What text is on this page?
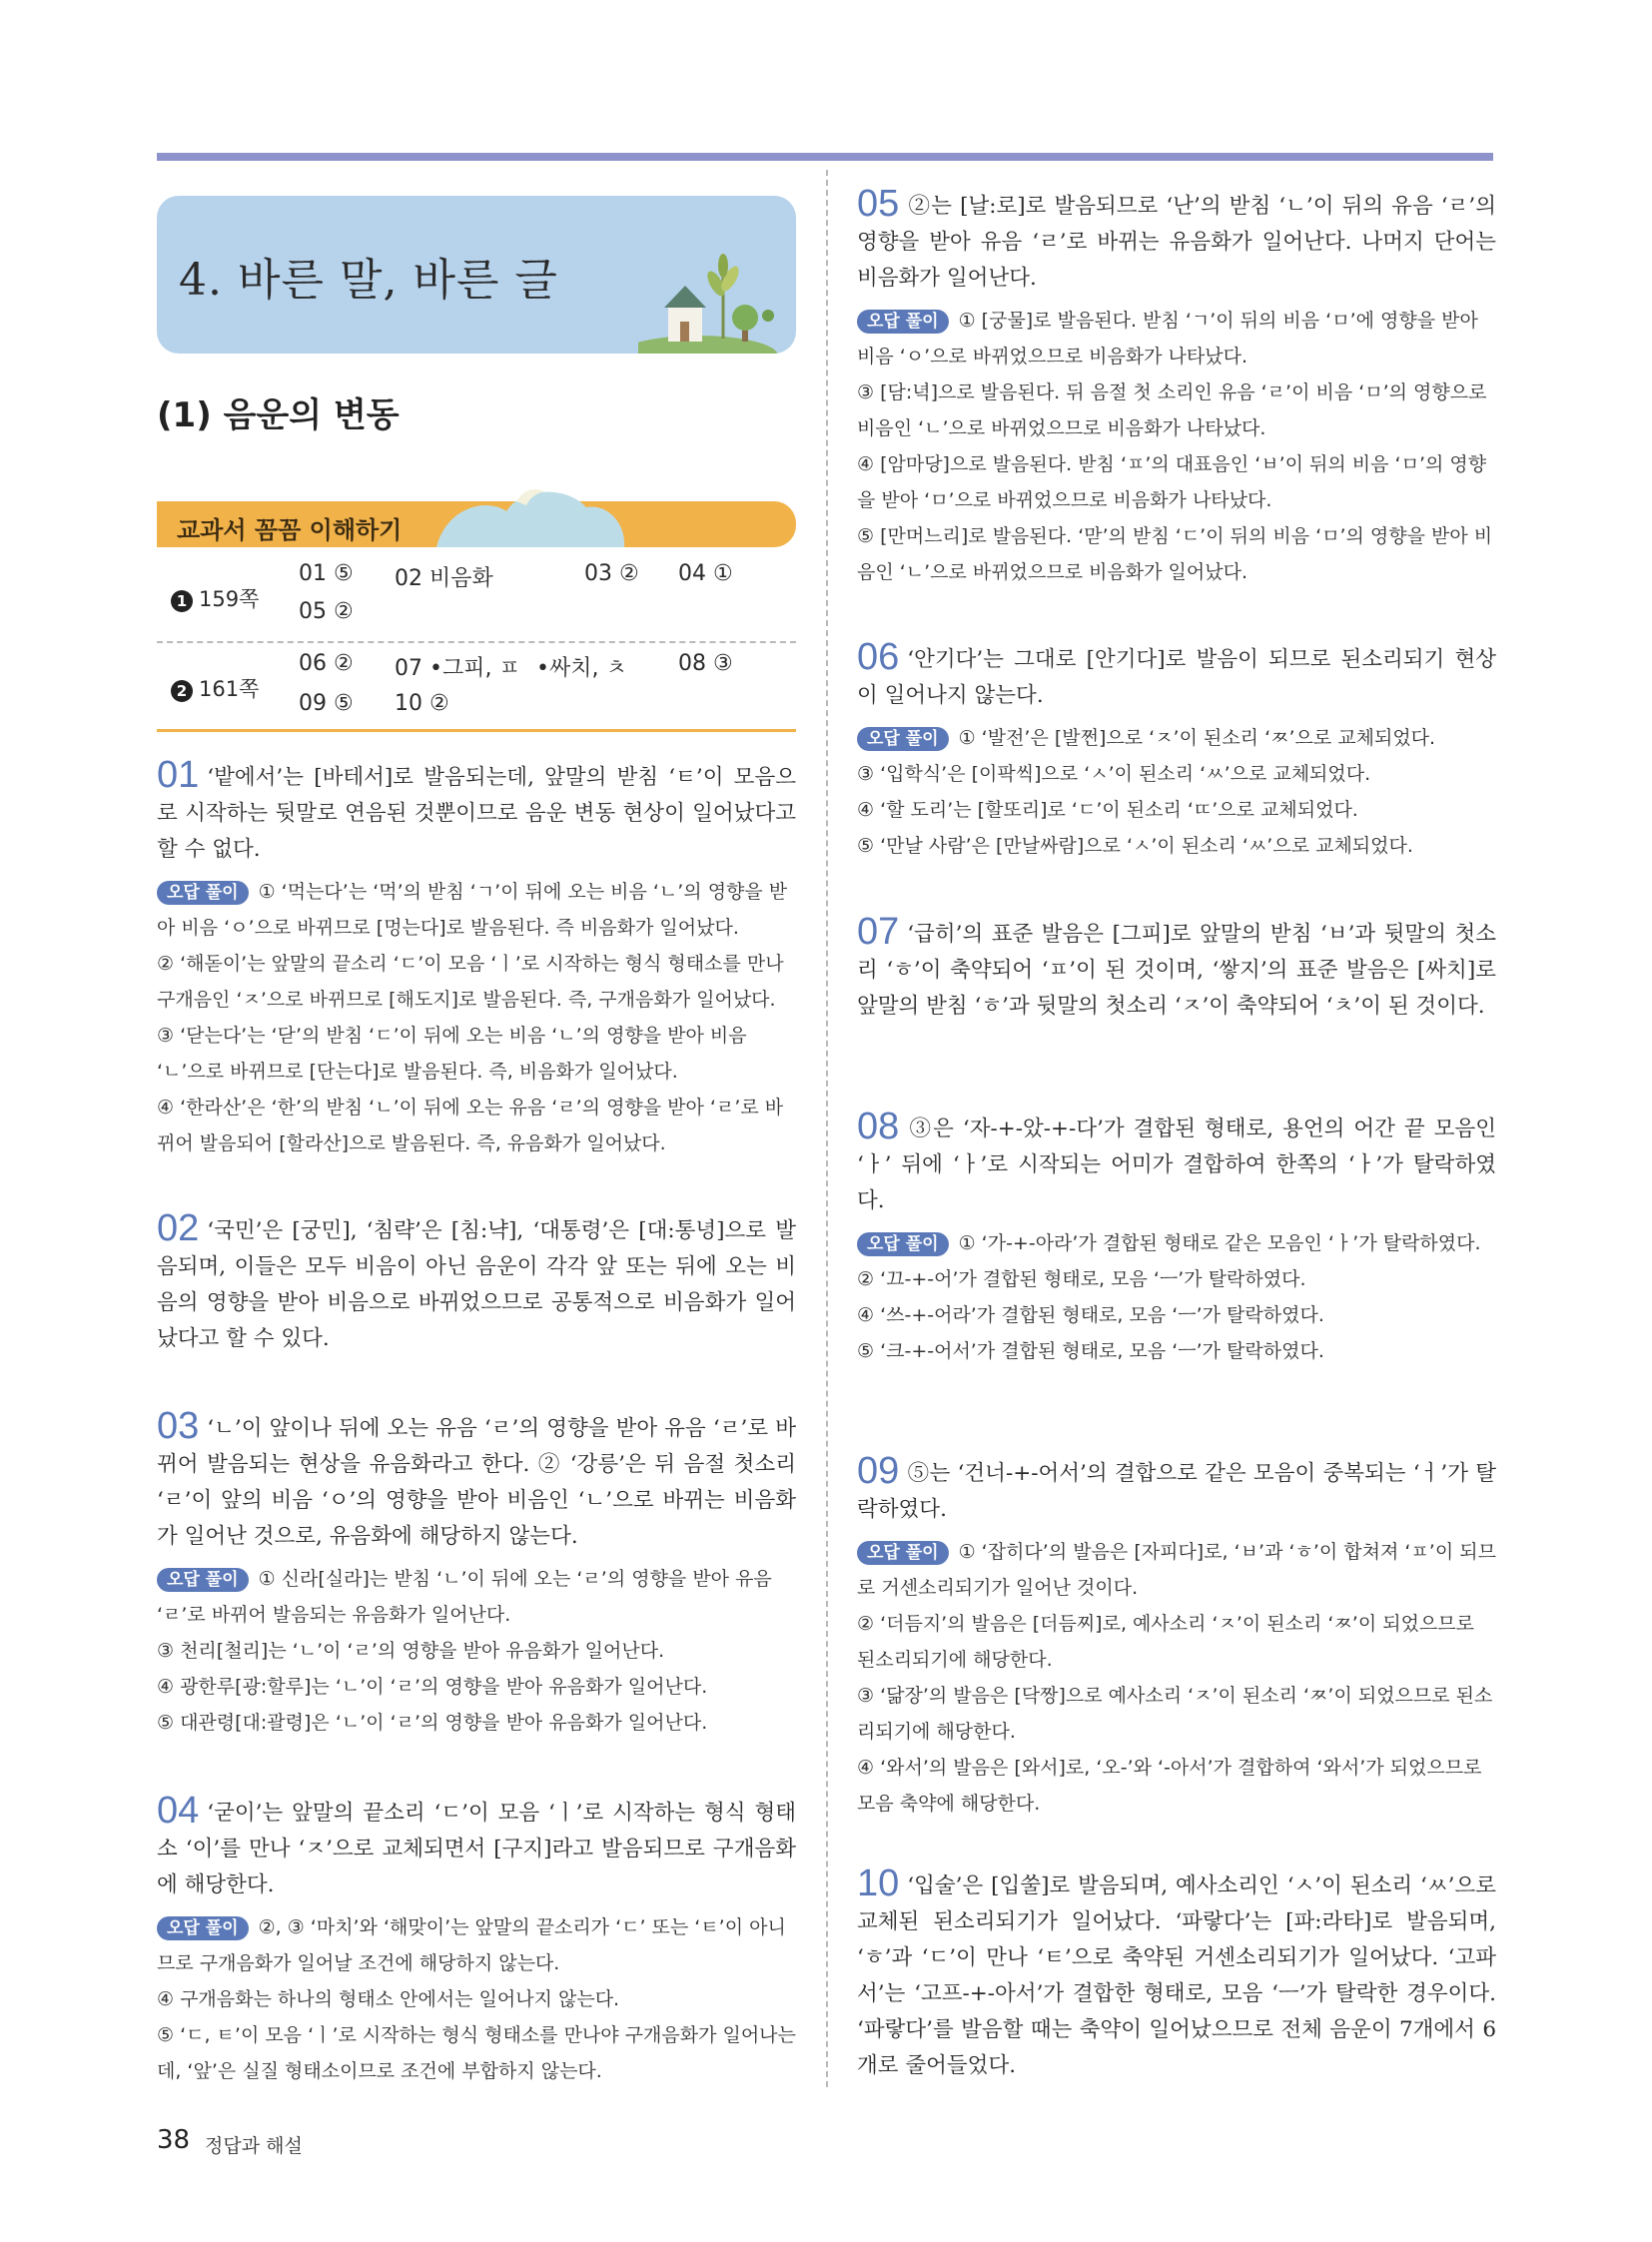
4. 바른 말, 바른 글
(1) 음운의 변동
교과서 꼼꼼 이해하기
1 159쪽
01 ⑤ 02 비음화	03 ② 04 ①
05 ②
2 161쪽
06 ② 07 •그피, ㅍ •싸치, ㅊ 08 ③
09 ⑤ 10 ②

01 ‘밭에서’는 [바테서]로 발음되는데, 앞말의 받침 ‘ㅌ’이 모음으로 시작하는 뒷말로 연음된 것뿐이므로 음운 변동 현상이 일어났다고 할 수 없다.

오답 풀이 ① ‘먹는다’는 ‘먹’의 받침 ‘ㄱ’이 뒤에 오는 비음 ‘ㄴ’의 영향을 받아 비음 ‘ㅇ’으로 바뀌므로 [멍는다]로 발음된다. 즉 비음화가 일어났다.
② ‘해돋이’는 앞말의 끝소리 ‘ㄷ’이 모음 ‘ㅣ’로 시작하는 형식 형태소를 만나 구개음인 ‘ㅈ’으로 바뀌므로 [해도지]로 발음된다. 즉, 구개음화가 일어났다.
③ ‘닫는다’는 ‘닫’의 받침 ‘ㄷ’이 뒤에 오는 비음 ‘ㄴ’의 영향을 받아 비음 ‘ㄴ’으로 바뀌므로 [단는다]로 발음된다. 즉, 비음화가 일어났다.
④ ‘한라산’은 ‘한’의 받침 ‘ㄴ’이 뒤에 오는 유음 ‘ㄹ’의 영향을 받아 ‘ㄹ’로 바뀌어 발음되어 [할라산]으로 발음된다. 즉, 유음화가 일어났다.

02 ‘국민’은 [궁민], ‘침략’은 [침:냑], ‘대통령’은 [대:통녕]으로 발음되며, 이들은 모두 비음이 아닌 음운이 각각 앞 또는 뒤에 오는 비음의 영향을 받아 비음으로 바뀌었으므로 공통적으로 비음화가 일어났다고 할 수 있다.

03 ‘ㄴ’이 앞이나 뒤에 오는 유음 ‘ㄹ’의 영향을 받아 유음 ‘ㄹ’로 바뀌어 발음되는 현상을 유음화라고 한다. ② ‘강릉’은 뒤 음절 첫소리 ‘ㄹ’이 앞의 비음 ‘ㅇ’의 영향을 받아 비음인 ‘ㄴ’으로 바뀌는 비음화가 일어난 것으로, 유음화에 해당하지 않는다.

오답 풀이 ① 신라[실라]는 받침 ‘ㄴ’이 뒤에 오는 ‘ㄹ’의 영향을 받아 유음 ‘ㄹ’로 바뀌어 발음되는 유음화가 일어난다.
③ 천리[철리]는 ‘ㄴ’이 ‘ㄹ’의 영향을 받아 유음화가 일어난다.
④ 광한루[광:할루]는 ‘ㄴ’이 ‘ㄹ’의 영향을 받아 유음화가 일어난다.
⑤ 대관령[대:괄령]은 ‘ㄴ’이 ‘ㄹ’의 영향을 받아 유음화가 일어난다.

04 ‘굳이’는 앞말의 끝소리 ‘ㄷ’이 모음 ‘ㅣ’로 시작하는 형식 형태소 ‘이’를 만나 ‘ㅈ’으로 교체되면서 [구지]라고 발음되므로 구개음화에 해당한다.

오답 풀이 ②, ③ ‘마치’와 ‘해맞이’는 앞말의 끝소리가 ‘ㄷ’ 또는 ‘ㅌ’이 아니므로 구개음화가 일어날 조건에 해당하지 않는다.
④ 구개음화는 하나의 형태소 안에서는 일어나지 않는다.
⑤ ‘ㄷ, ㅌ’이 모음 ‘ㅣ’로 시작하는 형식 형태소를 만나야 구개음화가 일어나는데, ‘앞’은 실질 형태소이므로 조건에 부합하지 않는다.

05 ②는 [날:로]로 발음되므로 ‘난’의 받침 ‘ㄴ’이 뒤의 유음 ‘ㄹ’의 영향을 받아 유음 ‘ㄹ’로 바뀌는 유음화가 일어난다. 나머지 단어는 비음화가 일어난다.

오답 풀이 ① [궁물]로 발음된다. 받침 ‘ㄱ’이 뒤의 비음 ‘ㅁ’에 영향을 받아 비음 ‘ㅇ’으로 바뀌었으므로 비음화가 나타났다.
③ [담:녁]으로 발음된다. 뒤 음절 첫 소리인 유음 ‘ㄹ’이 비음 ‘ㅁ’의 영향으로 비음인 ‘ㄴ’으로 바뀌었으므로 비음화가 나타났다.
④ [암마당]으로 발음된다. 받침 ‘ㅍ’의 대표음인 ‘ㅂ’이 뒤의 비음 ‘ㅁ’의 영향을 받아 ‘ㅁ’으로 바뀌었으므로 비음화가 나타났다.
⑤ [만머느리]로 발음된다. ‘맏’의 받침 ‘ㄷ’이 뒤의 비음 ‘ㅁ’의 영향을 받아 비음인 ‘ㄴ’으로 바뀌었으므로 비음화가 일어났다.

06 ‘안기다’는 그대로 [안기다]로 발음이 되므로 된소리되기 현상이 일어나지 않는다.

오답 풀이 ① ‘발전’은 [발쩐]으로 ‘ㅈ’이 된소리 ‘ㅉ’으로 교체되었다.
③ ‘입학식’은 [이팍씩]으로 ‘ㅅ’이 된소리 ‘ㅆ’으로 교체되었다.
④ ‘할 도리’는 [할또리]로 ‘ㄷ’이 된소리 ‘ㄸ’으로 교체되었다.
⑤ ‘만날 사람’은 [만날싸람]으로 ‘ㅅ’이 된소리 ‘ㅆ’으로 교체되었다.

07 ‘급히’의 표준 발음은 [그피]로 앞말의 받침 ‘ㅂ’과 뒷말의 첫소리 ‘ㅎ’이 축약되어 ‘ㅍ’이 된 것이며, ‘쌓지’의 표준 발음은 [싸치]로 앞말의 받침 ‘ㅎ’과 뒷말의 첫소리 ‘ㅈ’이 축약되어 ‘ㅊ’이 된 것이다.

08 ③은 ‘자-+-았-+-다’가 결합된 형태로, 용언의 어간 끝 모음인 ‘ㅏ’ 뒤에 ‘ㅏ’로 시작되는 어미가 결합하여 한쪽의 ‘ㅏ’가 탈락하였다.

오답 풀이 ① ‘가-+-아라’가 결합된 형태로 같은 모음인 ‘ㅏ’가 탈락하였다.
② ‘끄-+-어’가 결합된 형태로, 모음 ‘ㅡ’가 탈락하였다.
④ ‘쓰-+-어라’가 결합된 형태로, 모음 ‘ㅡ’가 탈락하였다.
⑤ ‘크-+-어서’가 결합된 형태로, 모음 ‘ㅡ’가 탈락하였다.

09 ⑤는 ‘건너-+-어서’의 결합으로 같은 모음이 중복되는 ‘ㅓ’가 탈락하였다.

오답 풀이 ① ‘잡히다’의 발음은 [자피다]로, ‘ㅂ’과 ‘ㅎ’이 합쳐져 ‘ㅍ’이 되므로 거센소리되기가 일어난 것이다.
② ‘더듬지’의 발음은 [더듬찌]로, 예사소리 ‘ㅈ’이 된소리 ‘ㅉ’이 되었으므로 된소리되기에 해당한다.
③ ‘닮장’의 발음은 [닥짱]으로 예사소리 ‘ㅈ’이 된소리 ‘ㅉ’이 되었으므로 된소리되기에 해당한다.
④ ‘와서’의 발음은 [와서]로, ‘오-’와 ‘-아서’가 결합하여 ‘와서’가 되었으므로 모음 축약에 해당한다.

10 ‘입술’은 [입쑬]로 발음되며, 예사소리인 ‘ㅅ’이 된소리 ‘ㅆ’으로 교체된 된소리되기가 일어났다. ‘파랗다’는 [파:라타]로 발음되며, ‘ㅎ’과 ‘ㄷ’이 만나 ‘ㅌ’으로 축약된 거센소리되기가 일어났다. ‘고파서’는 ‘고프-+-아서’가 결합한 형태로, 모음 ‘ㅡ’가 탈락한 경우이다. ‘파랗다’를 발음할 때는 축약이 일어났으므로 전체 음운이 7개에서 6개로 줄어들었다.

38 정답과 해설
